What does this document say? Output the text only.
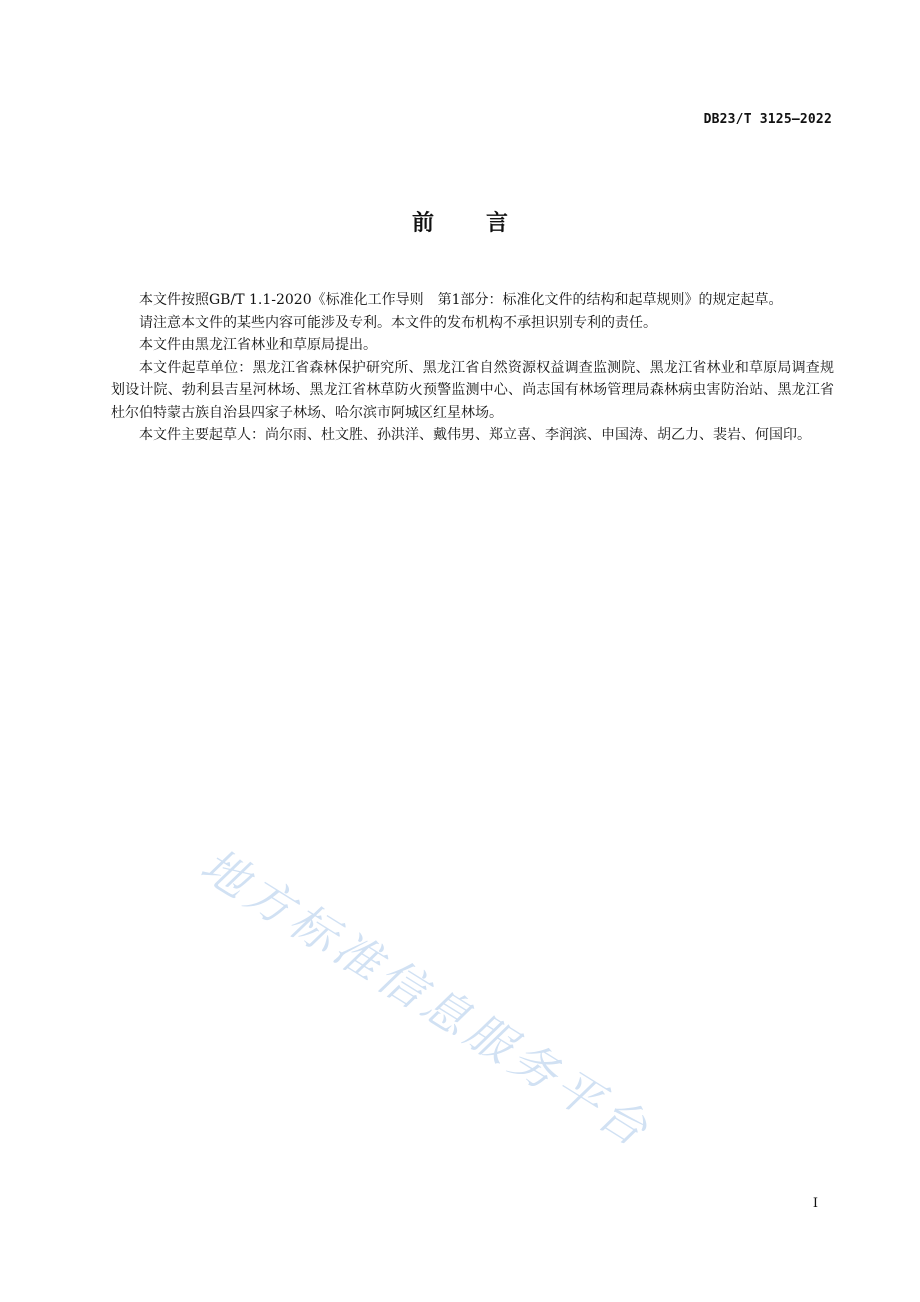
DB23/T 3125—2022
前 言

本文件按照GB/T 1.1-2020《标准化工作导则　第1部分：标准化文件的结构和起草规则》的规定起草。

请注意本文件的某些内容可能涉及专利。本文件的发布机构不承担识别专利的责任。

本文件由黑龙江省林业和草原局提出。

本文件起草单位：黑龙江省森林保护研究所、黑龙江省自然资源权益调查监测院、黑龙江省林业和草原局调查规划设计院、勃利县吉星河林场、黑龙江省林草防火预警监测中心、尚志国有林场管理局森林病虫害防治站、黑龙江省杜尔伯特蒙古族自治县四家子林场、哈尔滨市阿城区红星林场。

本文件主要起草人：尚尔雨、杜文胜、孙洪洋、戴伟男、郑立喜、李润滨、申国涛、胡乙力、裴岩、何国印。

地方标准信息服务平台
I
